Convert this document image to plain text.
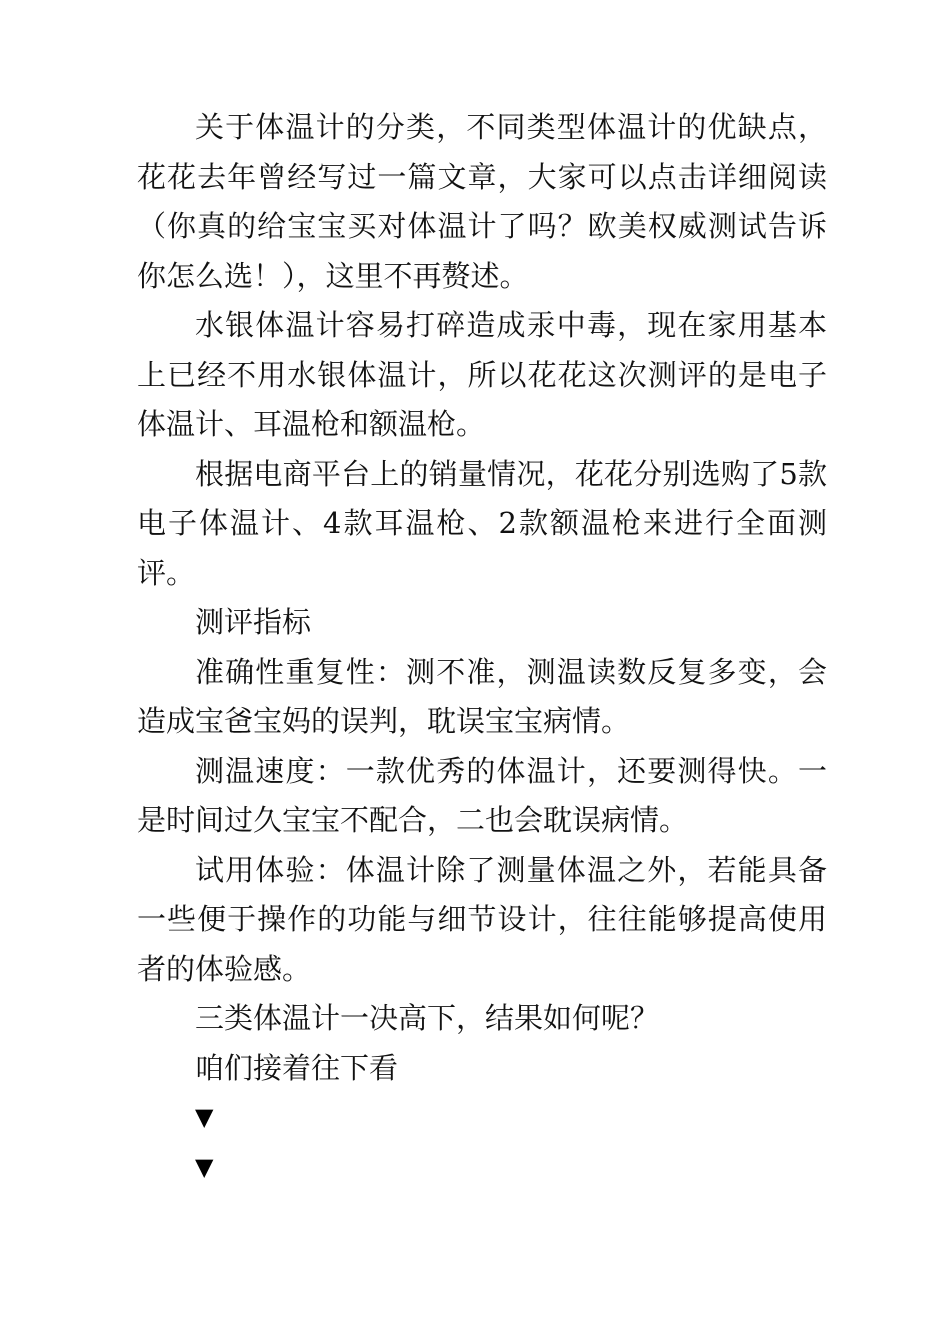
关于体温计的分类，不同类型体温计的优缺点，花花去年曾经写过一篇文章，大家可以点击详细阅读（你真的给宝宝买对体温计了吗？欧美权威测试告诉你怎么选！），这里不再赘述。

水银体温计容易打碎造成汞中毒，现在家用基本上已经不用水银体温计，所以花花这次测评的是电子体温计、耳温枪和额温枪。

根据电商平台上的销量情况，花花分别选购了5款电子体温计、4款耳温枪、2款额温枪来进行全面测评。

测评指标

准确性重复性：测不准，测温读数反复多变，会造成宝爸宝妈的误判，耽误宝宝病情。

测温速度：一款优秀的体温计，还要测得快。一是时间过久宝宝不配合，二也会耽误病情。

试用体验：体温计除了测量体温之外，若能具备一些便于操作的功能与细节设计，往往能够提高使用者的体验感。

三类体温计一决高下，结果如何呢？

咱们接着往下看

▼
▼
